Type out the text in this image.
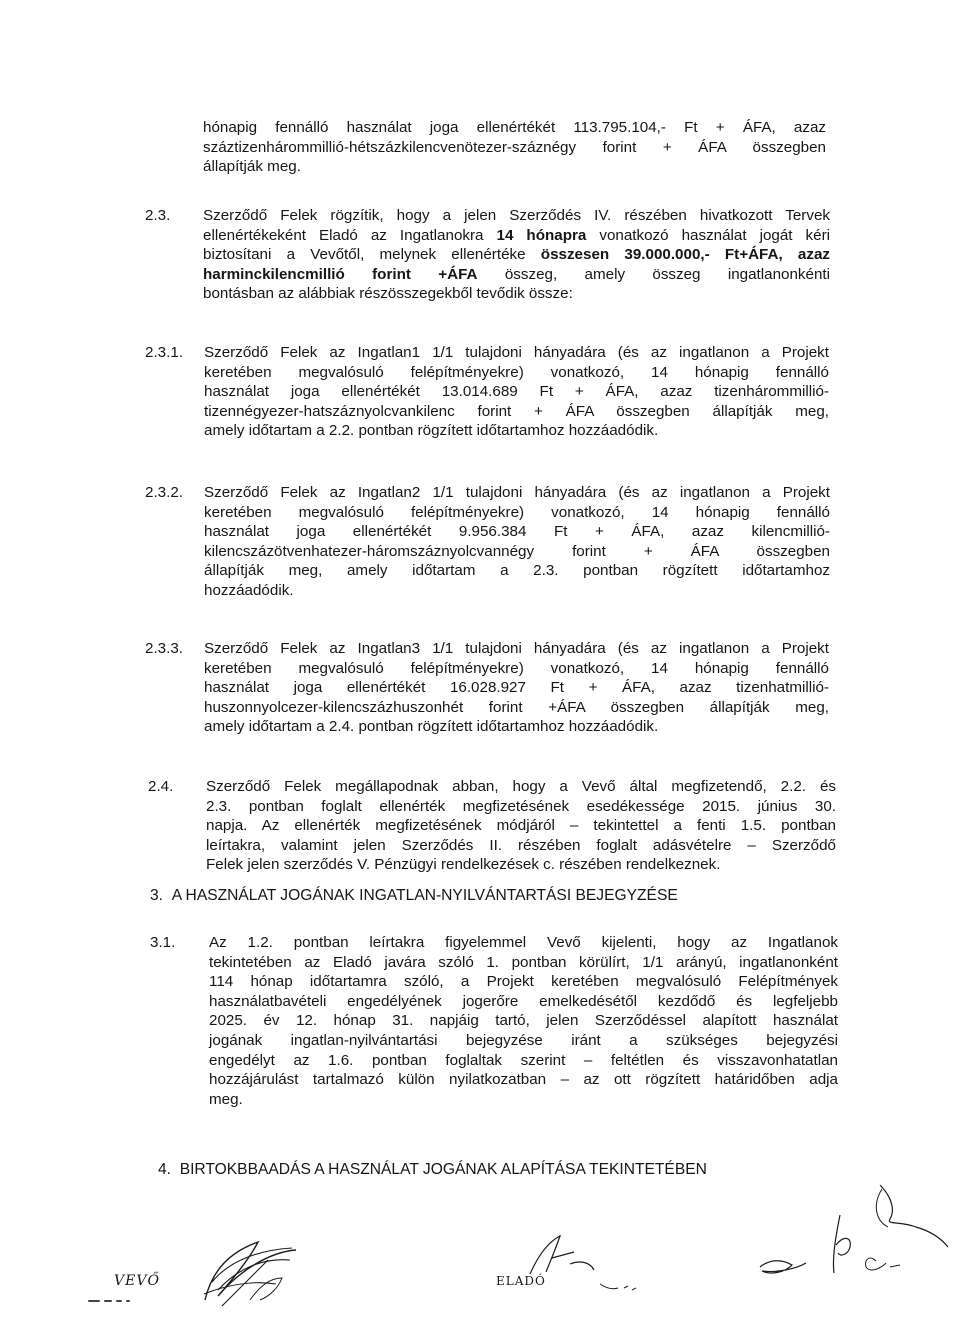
hónapig fennálló használat joga ellenértékét 113.795.104,- Ft + ÁFA, azaz
száztizenhárommillió-hétszázkilencvenötezer-száznégy forint + ÁFA összegben
állapítják meg.
2.3. Szerződő Felek rögzítik, hogy a jelen Szerződés IV. részében hivatkozott Tervek
ellenértékeként Eladó az Ingatlanokra 14 hónapra vonatkozó használat jogát kéri
biztosítani a Vevőtől, melynek ellenértéke összesen 39.000.000,- Ft+ÁFA, azaz
harminckilencmillió forint +ÁFA összeg, amely összeg ingatlanonkénti
bontásban az alábbiak részösszegekből tevődik össze:
2.3.1. Szerződő Felek az Ingatlan1 1/1 tulajdoni hányadára (és az ingatlanon a Projekt
keretében megvalósuló felépítményekre) vonatkozó, 14 hónapig fennálló
használat joga ellenértékét 13.014.689 Ft + ÁFA, azaz tizenhárommillió-
tizennégyezer-hatszáznyolcvankilenc forint + ÁFA összegben állapítják meg,
amely időtartam a 2.2. pontban rögzített időtartamhoz hozzáadódik.
2.3.2. Szerződő Felek az Ingatlan2 1/1 tulajdoni hányadára (és az ingatlanon a Projekt
keretében megvalósuló felépítményekre) vonatkozó, 14 hónapig fennálló
használat joga ellenértékét 9.956.384 Ft + ÁFA, azaz kilencmillió-
kilencszázötvenhatezer-háromszáznyolcvannégy forint + ÁFA összegben
állapítják meg, amely időtartam a 2.3. pontban rögzített időtartamhoz
hozzáadódik.
2.3.3. Szerződő Felek az Ingatlan3 1/1 tulajdoni hányadára (és az ingatlanon a Projekt
keretében megvalósuló felépítményekre) vonatkozó, 14 hónapig fennálló
használat joga ellenértékét 16.028.927 Ft + ÁFA, azaz tizenhatmillió-
huszonnyolcezer-kilencszázhuszonhét forint +ÁFA összegben állapítják meg,
amely időtartam a 2.4. pontban rögzített időtartamhoz hozzáadódik.
2.4. Szerződő Felek megállapodnak abban, hogy a Vevő által megfizetendő, 2.2. és
2.3. pontban foglalt ellenérték megfizetésének esedékessége 2015. június 30.
napja. Az ellenérték megfizetésének módjáról – tekintettel a fenti 1.5. pontban
leírtakra, valamint jelen Szerződés II. részében foglalt adásvételre – Szerződő
Felek jelen szerződés V. Pénzügyi rendelkezések c. részében rendelkeznek.
3. A HASZNÁLAT JOGÁNAK INGATLAN-NYILVÁNTARTÁSI BEJEGYZÉSE
3.1. Az 1.2. pontban leírtakra figyelemmel Vevő kijelenti, hogy az Ingatlanok
tekintetében az Eladó javára szóló 1. pontban körülírt, 1/1 arányú, ingatlanonként
114 hónap időtartamra szóló, a Projekt keretében megvalósuló Felépítmények
használatbavételi engedélyének jogerőre emelkedésétől kezdődő és legfeljebb
2025. év 12. hónap 31. napjáig tartó, jelen Szerződéssel alapított használat
jogának ingatlan-nyilvántartási bejegyzése iránt a szükséges bejegyzési
engedélyt az 1.6. pontban foglaltak szerint – feltétlen és visszavonhatatlan
hozzájárulást tartalmazó külön nyilatkozatban – az ott rögzített határidőben adja
meg.
4. BIRTOKBBAADÁS A HASZNÁLAT JOGÁNAK ALAPÍTÁSA TEKINTETÉBEN
VEVŐ	ELADÓ
